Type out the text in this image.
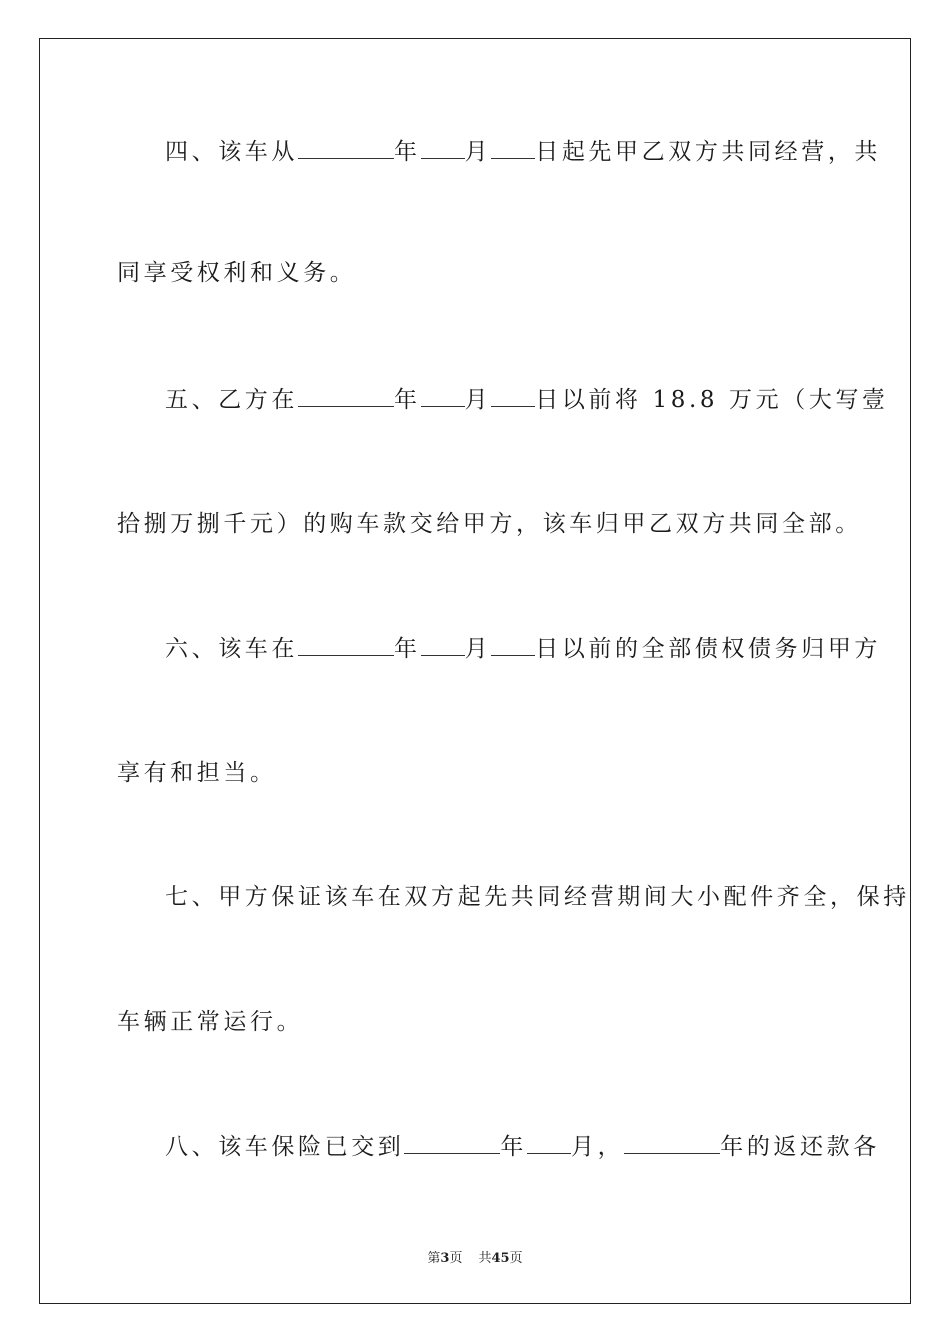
四、该车从	年 月 日起先甲乙双方共同经营，共
同享受权利和义务。
五、乙方在	年 月 日以前将 18.8 万元（大写壹
拾捌万捌千元）的购车款交给甲方，该车归甲乙双方共同全部。
六、该车在	年 月 日以前的全部债权债务归甲方
享有和担当。
七、甲方保证该车在双方起先共同经营期间大小配件齐全，保持
车辆正常运行。
八、该车保险已交到	年 月，	年的返还款各
第3页 共45页
